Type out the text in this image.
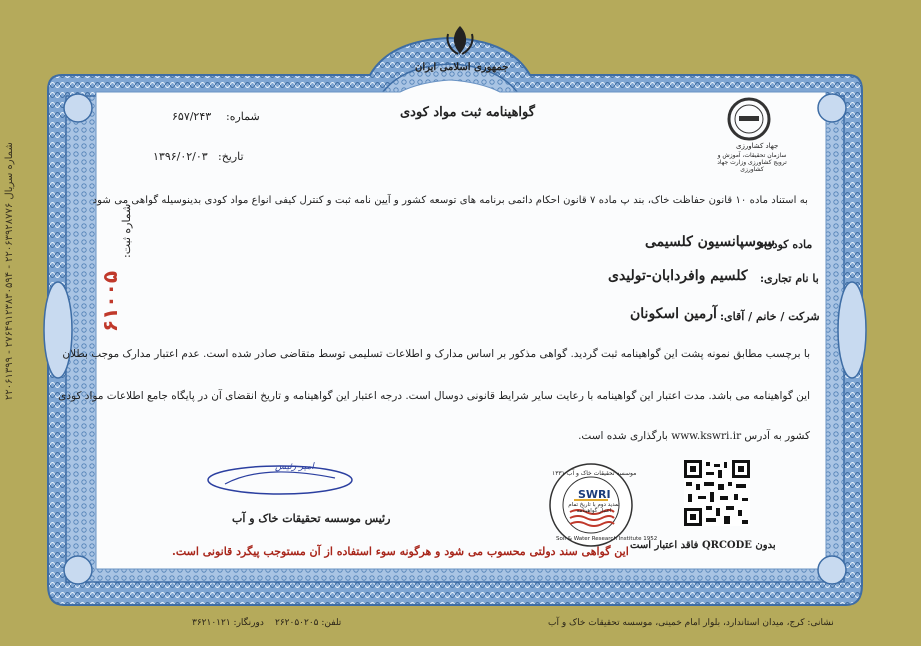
جمهوری اسلامی ایران
گواهینامه ثبت مواد کودی
شماره:
۶۵۷/۲۴۳
تاریخ:
۱۳۹۶/۰۲/۰۳
جهاد کشاورزی
سازمان تحقیقات، آموزش و ترویج کشاورزی وزارت جهاد کشاورزی
به استناد ماده ۱۰ قانون حفاظت خاک، بند پ ماده ۷ قانون احکام دائمی برنامه های توسعه کشور و آیین نامه ثبت و کنترل کیفی انواع مواد کودی بدینوسیله گواهی می شود
ماده کودی:
سوسپانسیون کلسیمی
با نام تجاری:
کلسیم وافردابان-تولیدی
شرکت / خانم / آقای:
آرمین اسکونان
شماره ثبت:
۶۱۰۰۵
با برچسب مطابق نمونه پشت این گواهینامه ثبت گردید. گواهی مذکور بر اساس مدارک و اطلاعات تسلیمی توسط متقاضی صادر شده است. عدم اعتبار مدارک موجب بطلان
این گواهینامه می باشد. مدت اعتبار این گواهینامه با رعایت سایر شرایط قانونی دوسال است. درجه اعتبار این گواهینامه و تاریخ انقضای آن در پایگاه جامع اطلاعات مواد کودی
کشور به آدرس www.kswri.ir بارگذاری شده است.
امیر رئیس
رئیس موسسه تحقیقات خاک و آب
SWRI
موسسه تحقیقات خاک و آب ۱۳۳۱
Soil & Water Research Institute 1952
تمدید دوم با تاریخ تمام اعتبار گواهینامه
بدون QRCODE فاقد اعتبار است
این گواهی سند دولتی محسوب می شود و هرگونه سوء استفاده از آن مستوجب پیگرد قانونی است.
نشانی: کرج، میدان استاندارد، بلوار امام خمینی، موسسه تحقیقات خاک و آب
تلفن: ۲۶۲۰۵۰۲۰۵
دورنگار: ۳۶۲۱۰۱۲۱
شماره سریال ۲۲۰۶۳۹۲۸۷۷۶ - ۲۷۶۴۹۱۲۳۸۳۰۵۹۴ - ۲۲۰۶۱۳۹۹
